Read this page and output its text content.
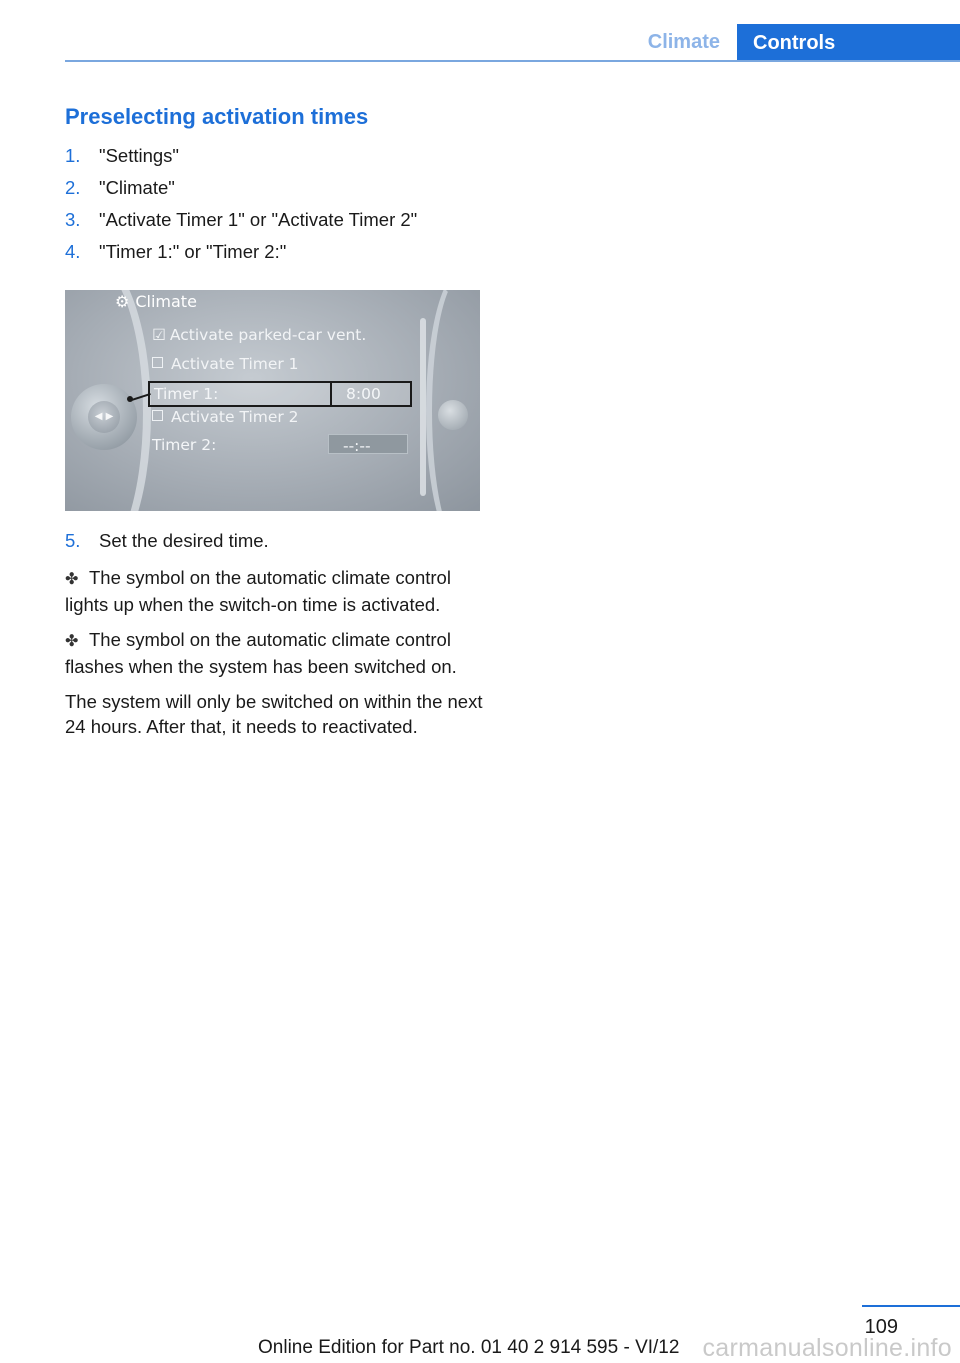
Climate	Controls
Preselecting activation times
1. "Settings"
2. "Climate"
3. "Activate Timer 1" or "Activate Timer 2"
4. "Timer 1:" or "Timer 2:"
⚙ Climate
☑ Activate parked-car vent.
Activate Timer 1
Timer 1:	8:00
Activate Timer 2
Timer 2:	--:--
◀ ▶
5. Set the desired time.

✤ The symbol on the automatic climate control lights up when the switch-on time is activated.

✤ The symbol on the automatic climate control flashes when the system has been switched on.

The system will only be switched on within the next 24 hours. After that, it needs to reactivated.

109
Online Edition for Part no. 01 40 2 914 595 - VI/12 carmanualsonline.info
